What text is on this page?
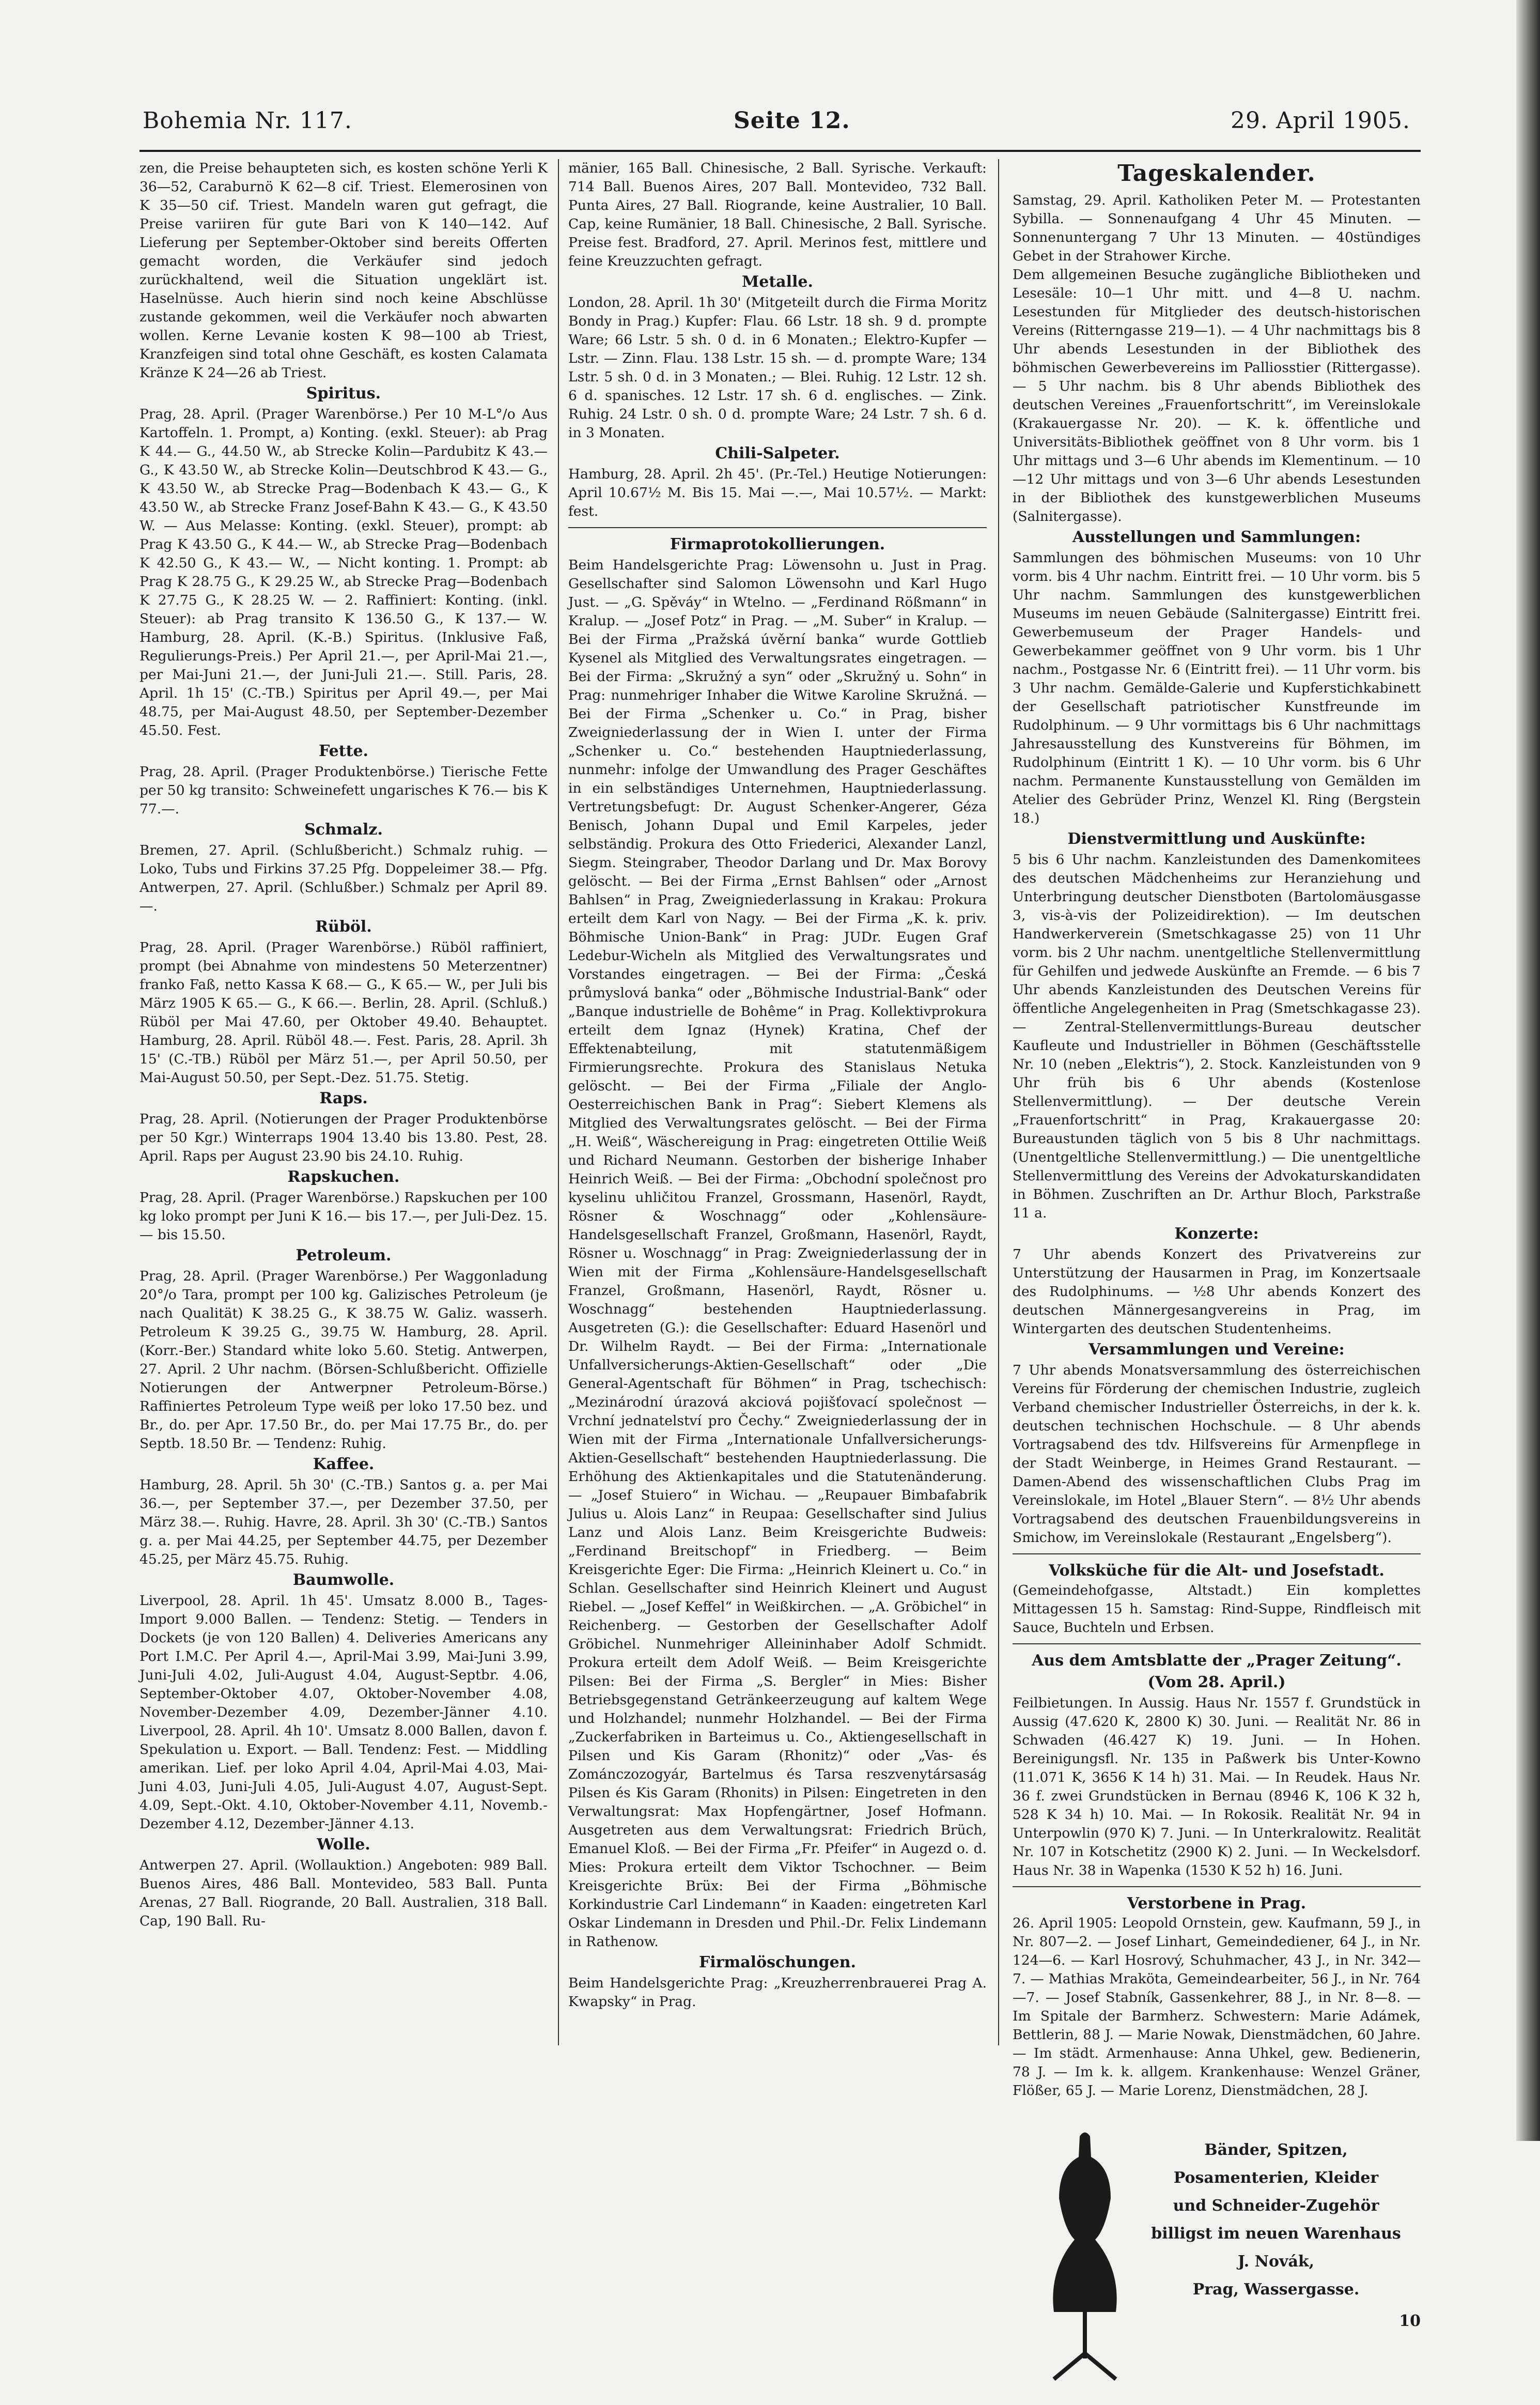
Bohemia Nr. 117.	Seite 12.	29. April 1905.

zen, die Preise behaupteten sich, es kosten schöne Yerli K 36—52, Caraburnö K 62—8 cif. Triest. Elemerosinen von K 35—50 cif. Triest. Mandeln waren gut gefragt, die Preise variiren für gute Bari von K 140—142. Auf Lieferung per September-Oktober sind bereits Offerten gemacht worden, die Verkäufer sind jedoch zurückhaltend, weil die Situation ungeklärt ist. Haselnüsse. Auch hierin sind noch keine Abschlüsse zustande gekommen, weil die Verkäufer noch abwarten wollen. Kerne Levanie kosten K 98—100 ab Triest, Kranzfeigen sind total ohne Geschäft, es kosten Calamata Kränze K 24—26 ab Triest.

Spiritus.

Prag, 28. April. (Prager Warenbörse.) Per 10 M-L°/o Aus Kartoffeln. 1. Prompt, a) Konting. (exkl. Steuer): ab Prag K 44.— G., 44.50 W., ab Strecke Kolin—Pardubitz K 43.— G., K 43.50 W., ab Strecke Kolin—Deutschbrod K 43.— G., K 43.50 W., ab Strecke Prag—Bodenbach K 43.— G., K 43.50 W., ab Strecke Franz Josef-Bahn K 43.— G., K 43.50 W. — Aus Melasse: Konting. (exkl. Steuer), prompt: ab Prag K 43.50 G., K 44.— W., ab Strecke Prag—Bodenbach K 42.50 G., K 43.— W., — Nicht konting. 1. Prompt: ab Prag K 28.75 G., K 29.25 W., ab Strecke Prag—Bodenbach K 27.75 G., K 28.25 W. — 2. Raffiniert: Konting. (inkl. Steuer): ab Prag transito K 136.50 G., K 137.— W. Hamburg, 28. April. (K.-B.) Spiritus. (Inklusive Faß, Regulierungs-Preis.) Per April 21.—, per April-Mai 21.—, per Mai-Juni 21.—, der Juni-Juli 21.—. Still. Paris, 28. April. 1h 15' (C.-TB.) Spiritus per April 49.—, per Mai 48.75, per Mai-August 48.50, per September-Dezember 45.50. Fest.

Fette.

Prag, 28. April. (Prager Produktenbörse.) Tierische Fette per 50 kg transito: Schweinefett ungarisches K 76.— bis K 77.—.

Schmalz.

Bremen, 27. April. (Schlußbericht.) Schmalz ruhig. — Loko, Tubs und Firkins 37.25 Pfg. Doppeleimer 38.— Pfg. Antwerpen, 27. April. (Schlußber.) Schmalz per April 89.—.

Rüböl.

Prag, 28. April. (Prager Warenbörse.) Rüböl raffiniert, prompt (bei Abnahme von mindestens 50 Meterzentner) franko Faß, netto Kassa K 68.— G., K 65.— W., per Juli bis März 1905 K 65.— G., K 66.—. Berlin, 28. April. (Schluß.) Rüböl per Mai 47.60, per Oktober 49.40. Behauptet. Hamburg, 28. April. Rüböl 48.—. Fest. Paris, 28. April. 3h 15' (C.-TB.) Rüböl per März 51.—, per April 50.50, per Mai-August 50.50, per Sept.-Dez. 51.75. Stetig.

Raps.

Prag, 28. April. (Notierungen der Prager Produktenbörse per 50 Kgr.) Winterraps 1904 13.40 bis 13.80. Pest, 28. April. Raps per August 23.90 bis 24.10. Ruhig.

Rapskuchen.

Prag, 28. April. (Prager Warenbörse.) Rapskuchen per 100 kg loko prompt per Juni K 16.— bis 17.—, per Juli-Dez. 15.— bis 15.50.

Petroleum.

Prag, 28. April. (Prager Warenbörse.) Per Waggonladung 20°/o Tara, prompt per 100 kg. Galizisches Petroleum (je nach Qualität) K 38.25 G., K 38.75 W. Galiz. wasserh. Petroleum K 39.25 G., 39.75 W. Hamburg, 28. April. (Korr.-Ber.) Standard white loko 5.60. Stetig. Antwerpen, 27. April. 2 Uhr nachm. (Börsen-Schlußbericht. Offizielle Notierungen der Antwerpner Petroleum-Börse.) Raffiniertes Petroleum Type weiß per loko 17.50 bez. und Br., do. per Apr. 17.50 Br., do. per Mai 17.75 Br., do. per Septb. 18.50 Br. — Tendenz: Ruhig.

Kaffee.

Hamburg, 28. April. 5h 30' (C.-TB.) Santos g. a. per Mai 36.—, per September 37.—, per Dezember 37.50, per März 38.—. Ruhig. Havre, 28. April. 3h 30' (C.-TB.) Santos g. a. per Mai 44.25, per September 44.75, per Dezember 45.25, per März 45.75. Ruhig.

Baumwolle.

Liverpool, 28. April. 1h 45'. Umsatz 8.000 B., Tages-Import 9.000 Ballen. — Tendenz: Stetig. — Tenders in Dockets (je von 120 Ballen) 4. Deliveries Americans any Port I.M.C. Per April 4.—, April-Mai 3.99, Mai-Juni 3.99, Juni-Juli 4.02, Juli-August 4.04, August-Septbr. 4.06, September-Oktober 4.07, Oktober-November 4.08, November-Dezember 4.09, Dezember-Jänner 4.10. Liverpool, 28. April. 4h 10'. Umsatz 8.000 Ballen, davon f. Spekulation u. Export. — Ball. Tendenz: Fest. — Middling amerikan. Lief. per loko April 4.04, April-Mai 4.03, Mai-Juni 4.03, Juni-Juli 4.05, Juli-August 4.07, August-Sept. 4.09, Sept.-Okt. 4.10, Oktober-November 4.11, Novemb.-Dezember 4.12, Dezember-Jänner 4.13.

Wolle.

Antwerpen 27. April. (Wollauktion.) Angeboten: 989 Ball. Buenos Aires, 486 Ball. Montevideo, 583 Ball. Punta Arenas, 27 Ball. Riogrande, 20 Ball. Australien, 318 Ball. Cap, 190 Ball. Ru-

mänier, 165 Ball. Chinesische, 2 Ball. Syrische. Verkauft: 714 Ball. Buenos Aires, 207 Ball. Montevideo, 732 Ball. Punta Aires, 27 Ball. Riogrande, keine Australier, 10 Ball. Cap, keine Rumänier, 18 Ball. Chinesische, 2 Ball. Syrische. Preise fest. Bradford, 27. April. Merinos fest, mittlere und feine Kreuzzuchten gefragt.

Metalle.

London, 28. April. 1h 30' (Mitgeteilt durch die Firma Moritz Bondy in Prag.) Kupfer: Flau. 66 Lstr. 18 sh. 9 d. prompte Ware; 66 Lstr. 5 sh. 0 d. in 6 Monaten.; Elektro-Kupfer — Lstr. — Zinn. Flau. 138 Lstr. 15 sh. — d. prompte Ware; 134 Lstr. 5 sh. 0 d. in 3 Monaten.; — Blei. Ruhig. 12 Lstr. 12 sh. 6 d. spanisches. 12 Lstr. 17 sh. 6 d. englisches. — Zink. Ruhig. 24 Lstr. 0 sh. 0 d. prompte Ware; 24 Lstr. 7 sh. 6 d. in 3 Monaten.

Chili-Salpeter.

Hamburg, 28. April. 2h 45'. (Pr.-Tel.) Heutige Notierungen: April 10.67½ M. Bis 15. Mai —.—, Mai 10.57½. — Markt: fest.

Firmaprotokollierungen.

Beim Handelsgerichte Prag: Löwensohn u. Just in Prag. Gesellschafter sind Salomon Löwensohn und Karl Hugo Just. — „G. Spěváy“ in Wtelno. — „Ferdinand Rößmann“ in Kralup. — „Josef Potz“ in Prag. — „M. Suber“ in Kralup. — Bei der Firma „Pražská úvěrní banka“ wurde Gottlieb Kysenel als Mitglied des Verwaltungsrates eingetragen. — Bei der Firma: „Skružný a syn“ oder „Skružný u. Sohn“ in Prag: nunmehriger Inhaber die Witwe Karoline Skružná. — Bei der Firma „Schenker u. Co.“ in Prag, bisher Zweigniederlassung der in Wien I. unter der Firma „Schenker u. Co.“ bestehenden Hauptniederlassung, nunmehr: infolge der Umwandlung des Prager Geschäftes in ein selbständiges Unternehmen, Hauptniederlassung. Vertretungsbefugt: Dr. August Schenker-Angerer, Géza Benisch, Johann Dupal und Emil Karpeles, jeder selbständig. Prokura des Otto Friederici, Alexander Lanzl, Siegm. Steingraber, Theodor Darlang und Dr. Max Borovy gelöscht. — Bei der Firma „Ernst Bahlsen“ oder „Arnost Bahlsen“ in Prag, Zweigniederlassung in Krakau: Prokura erteilt dem Karl von Nagy. — Bei der Firma „K. k. priv. Böhmische Union-Bank“ in Prag: JUDr. Eugen Graf Ledebur-Wicheln als Mitglied des Verwaltungsrates und Vorstandes eingetragen. — Bei der Firma: „Česká průmyslová banka“ oder „Böhmische Industrial-Bank“ oder „Banque industrielle de Bohême“ in Prag. Kollektivprokura erteilt dem Ignaz (Hynek) Kratina, Chef der Effektenabteilung, mit statutenmäßigem Firmierungsrechte. Prokura des Stanislaus Netuka gelöscht. — Bei der Firma „Filiale der Anglo-Oesterreichischen Bank in Prag“: Siebert Klemens als Mitglied des Verwaltungsrates gelöscht. — Bei der Firma „H. Weiß“, Wäschereigung in Prag: eingetreten Ottilie Weiß und Richard Neumann. Gestorben der bisherige Inhaber Heinrich Weiß. — Bei der Firma: „Obchodní společnost pro kyselinu uhličitou Franzel, Grossmann, Hasenörl, Raydt, Rösner & Woschnagg“ oder „Kohlensäure-Handelsgesellschaft Franzel, Großmann, Hasenörl, Raydt, Rösner u. Woschnagg“ in Prag: Zweigniederlassung der in Wien mit der Firma „Kohlensäure-Handelsgesellschaft Franzel, Großmann, Hasenörl, Raydt, Rösner u. Woschnagg“ bestehenden Hauptniederlassung. Ausgetreten (G.): die Gesellschafter: Eduard Hasenörl und Dr. Wilhelm Raydt. — Bei der Firma: „Internationale Unfallversicherungs-Aktien-Gesellschaft“ oder „Die General-Agentschaft für Böhmen“ in Prag, tschechisch: „Mezinárodní úrazová akciová pojišťovací společnost — Vrchní jednatelství pro Čechy.“ Zweigniederlassung der in Wien mit der Firma „Internationale Unfallversicherungs-Aktien-Gesellschaft“ bestehenden Hauptniederlassung. Die Erhöhung des Aktienkapitales und die Statutenänderung. — „Josef Stuiero“ in Wichau. — „Reupauer Bimbafabrik Julius u. Alois Lanz“ in Reupaa: Gesellschafter sind Julius Lanz und Alois Lanz. Beim Kreisgerichte Budweis: „Ferdinand Breitschopf“ in Friedberg. — Beim Kreisgerichte Eger: Die Firma: „Heinrich Kleinert u. Co.“ in Schlan. Gesellschafter sind Heinrich Kleinert und August Riebel. — „Josef Keffel“ in Weißkirchen. — „A. Gröbichel“ in Reichenberg. — Gestorben der Gesellschafter Adolf Gröbichel. Nunmehriger Alleininhaber Adolf Schmidt. Prokura erteilt dem Adolf Weiß. — Beim Kreisgerichte Pilsen: Bei der Firma „S. Bergler“ in Mies: Bisher Betriebsgegenstand Getränkeerzeugung auf kaltem Wege und Holzhandel; nunmehr Holzhandel. — Bei der Firma „Zuckerfabriken in Barteimus u. Co., Aktiengesellschaft in Pilsen und Kis Garam (Rhonitz)“ oder „Vas- és Zománczozogyár, Bartelmus és Tarsa reszvenytársaság Pilsen és Kis Garam (Rhonits) in Pilsen: Eingetreten in den Verwaltungsrat: Max Hopfengärtner, Josef Hofmann. Ausgetreten aus dem Verwaltungsrat: Friedrich Brüch, Emanuel Kloß. — Bei der Firma „Fr. Pfeifer“ in Augezd o. d. Mies: Prokura erteilt dem Viktor Tschochner. — Beim Kreisgerichte Brüx: Bei der Firma „Böhmische Korkindustrie Carl Lindemann“ in Kaaden: eingetreten Karl Oskar Lindemann in Dresden und Phil.-Dr. Felix Lindemann in Rathenow.

Firmalöschungen.

Beim Handelsgerichte Prag: „Kreuzherrenbrauerei Prag A. Kwapsky“ in Prag.

Tageskalender.

Samstag, 29. April. Katholiken Peter M. — Protestanten Sybilla. — Sonnenaufgang 4 Uhr 45 Minuten. — Sonnenuntergang 7 Uhr 13 Minuten. — 40stündiges Gebet in der Strahower Kirche.

Dem allgemeinen Besuche zugängliche Bibliotheken und Lesesäle: 10—1 Uhr mitt. und 4—8 U. nachm. Lesestunden für Mitglieder des deutsch-historischen Vereins (Ritterngasse 219—1). — 4 Uhr nachmittags bis 8 Uhr abends Lesestunden in der Bibliothek des böhmischen Gewerbevereins im Palliosstier (Rittergasse). — 5 Uhr nachm. bis 8 Uhr abends Bibliothek des deutschen Vereines „Frauenfortschritt“, im Vereinslokale (Krakauergasse Nr. 20). — K. k. öffentliche und Universitäts-Bibliothek geöffnet von 8 Uhr vorm. bis 1 Uhr mittags und 3—6 Uhr abends im Klementinum. — 10—12 Uhr mittags und von 3—6 Uhr abends Lesestunden in der Bibliothek des kunstgewerblichen Museums (Salnitergasse).

Ausstellungen und Sammlungen:

Sammlungen des böhmischen Museums: von 10 Uhr vorm. bis 4 Uhr nachm. Eintritt frei. — 10 Uhr vorm. bis 5 Uhr nachm. Sammlungen des kunstgewerblichen Museums im neuen Gebäude (Salnitergasse) Eintritt frei. Gewerbemuseum der Prager Handels- und Gewerbekammer geöffnet von 9 Uhr vorm. bis 1 Uhr nachm., Postgasse Nr. 6 (Eintritt frei). — 11 Uhr vorm. bis 3 Uhr nachm. Gemälde-Galerie und Kupferstichkabinett der Gesellschaft patriotischer Kunstfreunde im Rudolphinum. — 9 Uhr vormittags bis 6 Uhr nachmittags Jahresausstellung des Kunstvereins für Böhmen, im Rudolphinum (Eintritt 1 K). — 10 Uhr vorm. bis 6 Uhr nachm. Permanente Kunstausstellung von Gemälden im Atelier des Gebrüder Prinz, Wenzel Kl. Ring (Bergstein 18.)

Dienstvermittlung und Auskünfte:

5 bis 6 Uhr nachm. Kanzleistunden des Damenkomitees des deutschen Mädchenheims zur Heranziehung und Unterbringung deutscher Dienstboten (Bartolomäusgasse 3, vis-à-vis der Polizeidirektion). — Im deutschen Handwerkerverein (Smetschkagasse 25) von 11 Uhr vorm. bis 2 Uhr nachm. unentgeltliche Stellenvermittlung für Gehilfen und jedwede Auskünfte an Fremde. — 6 bis 7 Uhr abends Kanzleistunden des Deutschen Vereins für öffentliche Angelegenheiten in Prag (Smetschkagasse 23). — Zentral-Stellenvermittlungs-Bureau deutscher Kaufleute und Industrieller in Böhmen (Geschäftsstelle Nr. 10 (neben „Elektris“), 2. Stock. Kanzleistunden von 9 Uhr früh bis 6 Uhr abends (Kostenlose Stellenvermittlung). — Der deutsche Verein „Frauenfortschritt“ in Prag, Krakauergasse 20: Bureaustunden täglich von 5 bis 8 Uhr nachmittags. (Unentgeltliche Stellenvermittlung.) — Die unentgeltliche Stellenvermittlung des Vereins der Advokaturskandidaten in Böhmen. Zuschriften an Dr. Arthur Bloch, Parkstraße 11 a.

Konzerte:

7 Uhr abends Konzert des Privatvereins zur Unterstützung der Hausarmen in Prag, im Konzertsaale des Rudolphinums. — ½8 Uhr abends Konzert des deutschen Männergesangvereins in Prag, im Wintergarten des deutschen Studentenheims.

Versammlungen und Vereine:

7 Uhr abends Monatsversammlung des österreichischen Vereins für Förderung der chemischen Industrie, zugleich Verband chemischer Industrieller Österreichs, in der k. k. deutschen technischen Hochschule. — 8 Uhr abends Vortragsabend des tdv. Hilfsvereins für Armenpflege in der Stadt Weinberge, in Heimes Grand Restaurant. — Damen-Abend des wissenschaftlichen Clubs Prag im Vereinslokale, im Hotel „Blauer Stern“. — 8½ Uhr abends Vortragsabend des deutschen Frauenbildungsvereins in Smichow, im Vereinslokale (Restaurant „Engelsberg“).

Volksküche für die Alt- und Josefstadt.

(Gemeindehofgasse, Altstadt.) Ein komplettes Mittagessen 15 h. Samstag: Rind-Suppe, Rindfleisch mit Sauce, Buchteln und Erbsen.

Aus dem Amtsblatte der „Prager Zeitung“.
(Vom 28. April.)

Feilbietungen. In Aussig. Haus Nr. 1557 f. Grundstück in Aussig (47.620 K, 2800 K) 30. Juni. — Realität Nr. 86 in Schwaden (46.427 K) 19. Juni. — In Hohen. Bereinigungsfl. Nr. 135 in Paßwerk bis Unter-Kowno (11.071 K, 3656 K 14 h) 31. Mai. — In Reudek. Haus Nr. 36 f. zwei Grundstücken in Bernau (8946 K, 106 K 32 h, 528 K 34 h) 10. Mai. — In Rokosik. Realität Nr. 94 in Unterpowlin (970 K) 7. Juni. — In Unterkralowitz. Realität Nr. 107 in Kotschetitz (2900 K) 2. Juni. — In Weckelsdorf. Haus Nr. 38 in Wapenka (1530 K 52 h) 16. Juni.

Verstorbene in Prag.

26. April 1905: Leopold Ornstein, gew. Kaufmann, 59 J., in Nr. 807—2. — Josef Linhart, Gemeindediener, 64 J., in Nr. 124—6. — Karl Hosrový, Schuhmacher, 43 J., in Nr. 342—7. — Mathias Mraköta, Gemeindearbeiter, 56 J., in Nr. 764—7. — Josef Stabník, Gassenkehrer, 88 J., in Nr. 8—8. — Im Spitale der Barmherz. Schwestern: Marie Adámek, Bettlerin, 88 J. — Marie Nowak, Dienstmädchen, 60 Jahre. — Im städt. Armenhause: Anna Uhkel, gew. Bedienerin, 78 J. — Im k. k. allgem. Krankenhause: Wenzel Gräner, Flößer, 65 J. — Marie Lorenz, Dienstmädchen, 28 J.

Bänder, Spitzen,
Posamenterien, Kleider
und Schneider-Zugehör
billigst im neuen Warenhaus
J. Novák,
Prag, Wassergasse.
10
